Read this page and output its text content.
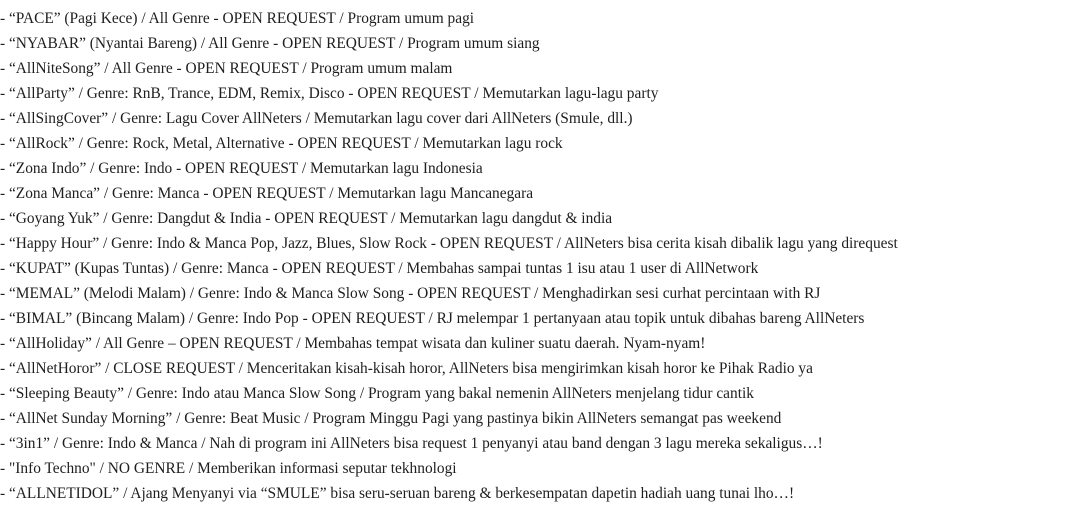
- “PACE” (Pagi Kece) / All Genre - OPEN REQUEST / Program umum pagi
- “NYABAR” (Nyantai Bareng) / All Genre - OPEN REQUEST / Program umum siang
- “AllNiteSong” / All Genre - OPEN REQUEST / Program umum malam
- “AllParty” / Genre: RnB, Trance, EDM, Remix, Disco - OPEN REQUEST / Memutarkan lagu-lagu party
- “AllSingCover” / Genre: Lagu Cover AllNeters / Memutarkan lagu cover dari AllNeters (Smule, dll.)
- “AllRock” / Genre: Rock, Metal, Alternative - OPEN REQUEST / Memutarkan lagu rock
- “Zona Indo” / Genre: Indo - OPEN REQUEST / Memutarkan lagu Indonesia
- “Zona Manca” / Genre: Manca - OPEN REQUEST / Memutarkan lagu Mancanegara
- “Goyang Yuk” / Genre: Dangdut & India - OPEN REQUEST / Memutarkan lagu dangdut & india
- “Happy Hour” / Genre: Indo & Manca Pop, Jazz, Blues, Slow Rock - OPEN REQUEST / AllNeters bisa cerita kisah dibalik lagu yang direquest
- “KUPAT” (Kupas Tuntas) / Genre: Manca - OPEN REQUEST / Membahas sampai tuntas 1 isu atau 1 user di AllNetwork
- “MEMAL” (Melodi Malam) / Genre: Indo & Manca Slow Song - OPEN REQUEST / Menghadirkan sesi curhat percintaan with RJ
- “BIMAL” (Bincang Malam) / Genre: Indo Pop - OPEN REQUEST / RJ melempar 1 pertanyaan atau topik untuk dibahas bareng AllNeters
- “AllHoliday” / All Genre – OPEN REQUEST / Membahas tempat wisata dan kuliner suatu daerah. Nyam-nyam!
- “AllNetHoror” / CLOSE REQUEST / Menceritakan kisah-kisah horor, AllNeters bisa mengirimkan kisah horor ke Pihak Radio ya
- “Sleeping Beauty” / Genre: Indo atau Manca Slow Song / Program yang bakal nemenin AllNeters menjelang tidur cantik
- “AllNet Sunday Morning” / Genre: Beat Music / Program Minggu Pagi yang pastinya bikin AllNeters semangat pas weekend
- “3in1” / Genre: Indo & Manca / Nah di program ini AllNeters bisa request 1 penyanyi atau band dengan 3 lagu mereka sekaligus…!
- "Info Techno" / NO GENRE / Memberikan informasi seputar tekhnologi
- “ALLNETIDOL” / Ajang Menyanyi via “SMULE” bisa seru-seruan bareng & berkesempatan dapetin hadiah uang tunai lho…!
